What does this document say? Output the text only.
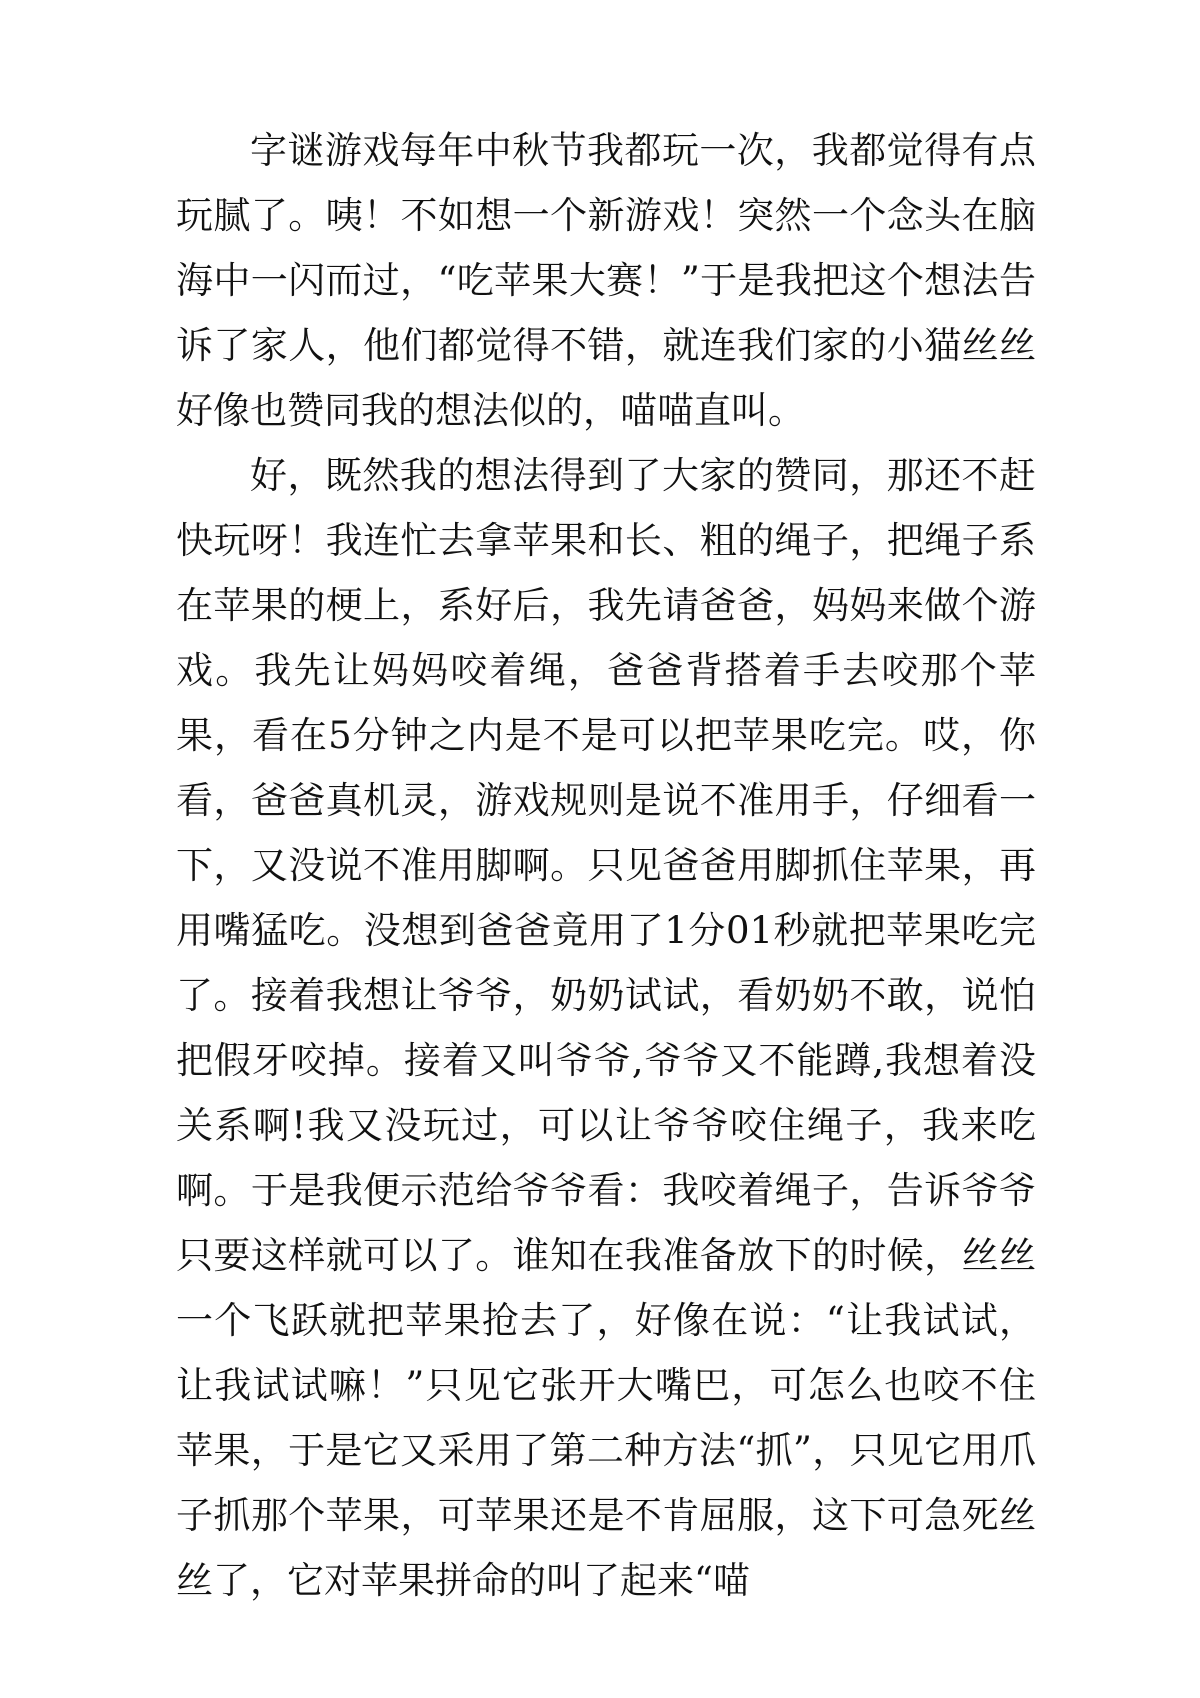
字谜游戏每年中秋节我都玩一次，我都觉得有点玩腻了。咦！不如想一个新游戏！突然一个念头在脑海中一闪而过，“吃苹果大赛！”于是我把这个想法告诉了家人，他们都觉得不错，就连我们家的小猫丝丝好像也赞同我的想法似的，喵喵直叫。

好，既然我的想法得到了大家的赞同，那还不赶快玩呀！我连忙去拿苹果和长、粗的绳子，把绳子系在苹果的梗上，系好后，我先请爸爸，妈妈来做个游戏。我先让妈妈咬着绳，爸爸背搭着手去咬那个苹果，看在5分钟之内是不是可以把苹果吃完。哎，你看，爸爸真机灵，游戏规则是说不准用手，仔细看一下，又没说不准用脚啊。只见爸爸用脚抓住苹果，再用嘴猛吃。没想到爸爸竟用了1分01秒就把苹果吃完了。接着我想让爷爷，奶奶试试，看奶奶不敢，说怕把假牙咬掉。接着又叫爷爷,爷爷又不能蹲,我想着没关系啊!我又没玩过，可以让爷爷咬住绳子，我来吃啊。于是我便示范给爷爷看：我咬着绳子，告诉爷爷只要这样就可以了。谁知在我准备放下的时候，丝丝一个飞跃就把苹果抢去了，好像在说：“让我试试，让我试试嘛！”只见它张开大嘴巴，可怎么也咬不住苹果，于是它又采用了第二种方法“抓”，只见它用爪子抓那个苹果，可苹果还是不肯屈服，这下可急死丝丝了，它对苹果拼命的叫了起来“喵
